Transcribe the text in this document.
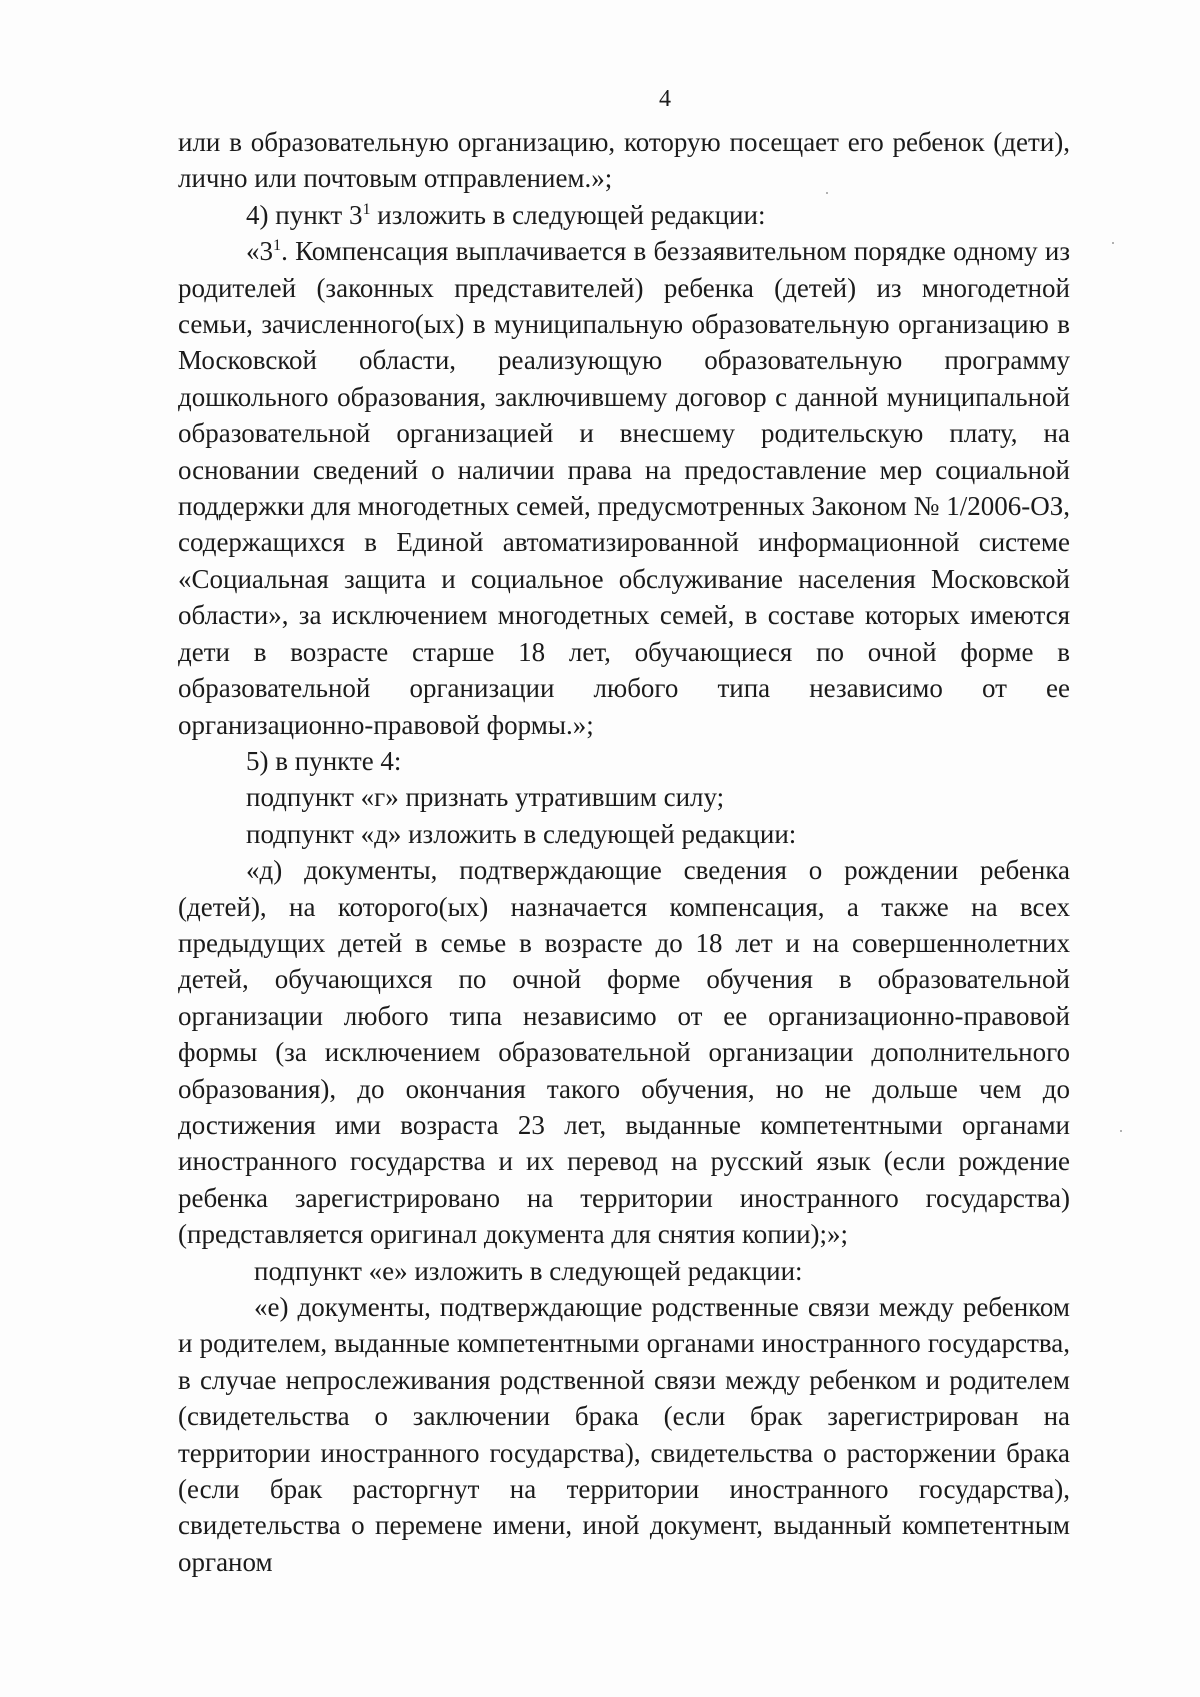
4

или в образовательную организацию, которую посещает его ребенок (дети), лично или почтовым отправлением.»;

4) пункт $3^1$ изложить в следующей редакции:

«$3^1$. Компенсация выплачивается в беззаявительном порядке одному из родителей (законных представителей) ребенка (детей) из многодетной семьи, зачисленного(ых) в муниципальную образовательную организацию в Московской области, реализующую образовательную программу дошкольного образования, заключившему договор с данной муниципальной образовательной организацией и внесшему родительскую плату, на основании сведений о наличии права на предоставление мер социальной поддержки для многодетных семей, предусмотренных Законом № 1/2006-ОЗ, содержащихся в Единой автоматизированной информационной системе «Социальная защита и социальное обслуживание населения Московской области», за исключением многодетных семей, в составе которых имеются дети в возрасте старше 18 лет, обучающиеся по очной форме в образовательной организации любого типа независимо от ее организационно-правовой формы.»;

5) в пункте 4:

подпункт «г» признать утратившим силу;

подпункт «д» изложить в следующей редакции:

«д) документы, подтверждающие сведения о рождении ребенка (детей), на которого(ых) назначается компенсация, а также на всех предыдущих детей в семье в возрасте до 18 лет и на совершеннолетних детей, обучающихся по очной форме обучения в образовательной организации любого типа независимо от ее организационно-правовой формы (за исключением образовательной организации дополнительного образования), до окончания такого обучения, но не дольше чем до достижения ими возраста 23 лет, выданные компетентными органами иностранного государства и их перевод на русский язык (если рождение ребенка зарегистрировано на территории иностранного государства) (представляется оригинал документа для снятия копии);»;

подпункт «е» изложить в следующей редакции:

«е) документы, подтверждающие родственные связи между ребенком и родителем, выданные компетентными органами иностранного государства, в случае непрослеживания родственной связи между ребенком и родителем (свидетельства о заключении брака (если брак зарегистрирован на территории иностранного государства), свидетельства о расторжении брака (если брак расторгнут на территории иностранного государства), свидетельства о перемене имени, иной документ, выданный компетентным органом
